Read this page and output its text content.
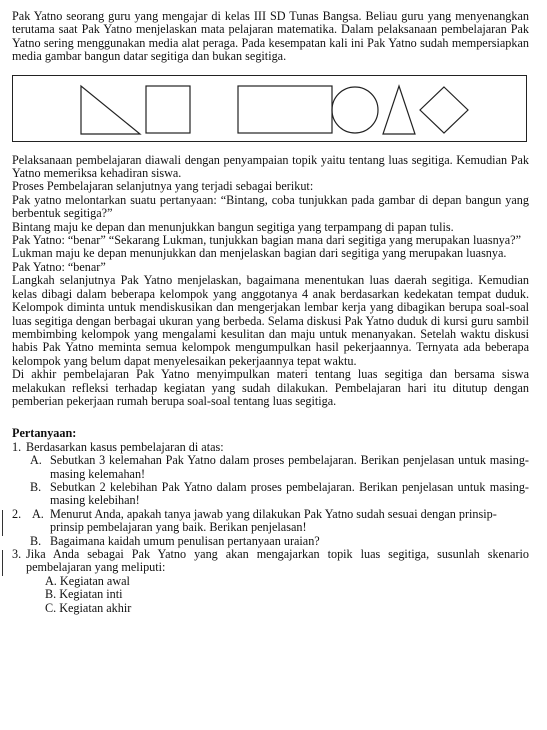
Pak Yatno seorang guru yang mengajar di kelas III SD Tunas Bangsa. Beliau guru yang menyenangkan terutama saat Pak Yatno menjelaskan mata pelajaran matematika. Dalam pelaksanaan pembelajaran Pak Yatno sering menggunakan media alat peraga. Pada kesempatan kali ini Pak Yatno sudah mempersiapkan media gambar bangun datar segitiga dan bukan segitiga.

Pelaksanaan pembelajaran diawali dengan penyampaian topik yaitu tentang luas segitiga. Kemudian Pak Yatno memeriksa kehadiran siswa.

Proses Pembelajaran selanjutnya yang terjadi sebagai berikut:

Pak yatno melontarkan suatu pertanyaan: “Bintang, coba tunjukkan pada gambar di depan bangun yang berbentuk segitiga?”

Bintang maju ke depan dan menunjukkan bangun segitiga yang terpampang di papan tulis.

Pak Yatno: “benar” “Sekarang Lukman, tunjukkan bagian mana dari segitiga yang merupakan luasnya?”

Lukman maju ke depan menunjukkan dan menjelaskan bagian dari segitiga yang merupakan luasnya.

Pak Yatno: “benar”

Langkah selanjutnya Pak Yatno menjelaskan, bagaimana menentukan luas daerah segitiga. Kemudian kelas dibagi dalam beberapa kelompok yang anggotanya 4 anak berdasarkan kedekatan tempat duduk. Kelompok diminta untuk mendiskusikan dan mengerjakan lembar kerja yang dibagikan berupa soal-soal luas segitiga dengan berbagai ukuran yang berbeda. Selama diskusi Pak Yatno duduk di kursi guru sambil membimbing kelompok yang mengalami kesulitan dan maju untuk menanyakan. Setelah waktu diskusi habis Pak Yatno meminta semua kelompok mengumpulkan hasil pekerjaannya. Ternyata ada beberapa kelompok yang belum dapat menyelesaikan pekerjaannya tepat waktu.

Di akhir pembelajaran Pak Yatno menyimpulkan materi tentang luas segitiga dan bersama siswa melakukan refleksi terhadap kegiatan yang sudah dilakukan. Pembelajaran hari itu ditutup dengan pemberian pekerjaan rumah berupa soal-soal tentang luas segitiga.

Pertanyaan:

1. Berdasarkan kasus pembelajaran di atas:

A. Sebutkan 3 kelemahan Pak Yatno dalam proses pembelajaran. Berikan penjelasan untuk masing-masing kelemahan!

B. Sebutkan 2 kelebihan Pak Yatno dalam proses pembelajaran. Berikan penjelasan untuk masing-masing kelebihan!

2. A. Menurut Anda, apakah tanya jawab yang dilakukan Pak Yatno sudah sesuai dengan prinsip-prinsip pembelajaran yang baik. Berikan penjelasan!

B. Bagaimana kaidah umum penulisan pertanyaan uraian?

3. Jika Anda sebagai Pak Yatno yang akan mengajarkan topik luas segitiga, susunlah skenario pembelajaran yang meliputi:

A. Kegiatan awal

B. Kegiatan inti

C. Kegiatan akhir
